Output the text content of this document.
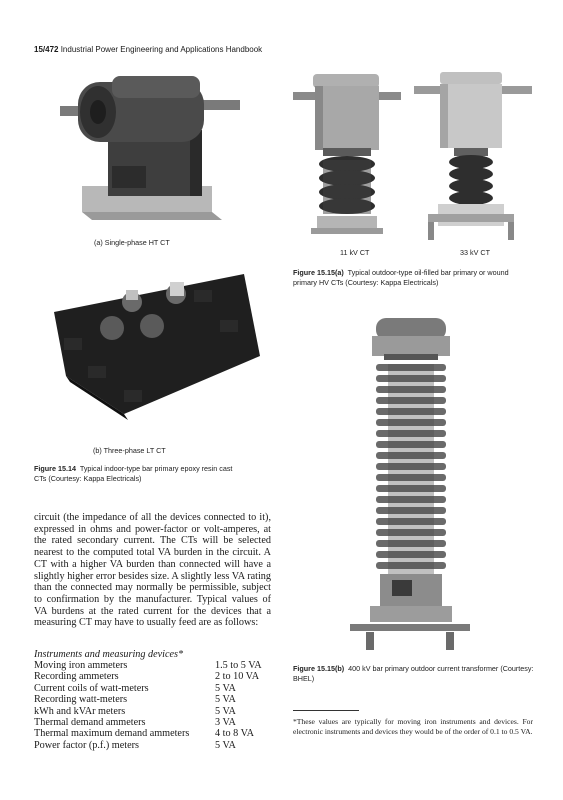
15/472 Industrial Power Engineering and Applications Handbook
(a) Single-phase HT CT
(b) Three-phase LT CT
Figure 15.14 Typical indoor-type bar primary epoxy resin cast CTs (Courtesy: Kappa Electricals)
11 kV CT	33 kV CT
Figure 15.15(a) Typical outdoor-type oil-filled bar primary or wound primary HV CTs (Courtesy: Kappa Electricals)
Figure 15.15(b) 400 kV bar primary outdoor current transformer (Courtesy: BHEL)

circuit (the impedance of all the devices connected to it), expressed in ohms and power-factor or volt-amperes, at the rated secondary current. The CTs will be selected nearest to the computed total VA burden in the circuit. A CT with a higher VA burden than connected will have a slightly higher error besides size. A slightly less VA rating than the connected may normally be permissible, subject to confirmation by the manufacturer. Typical values of VA burdens at the rated current for the devices that a measuring CT may have to usually feed are as follows:

Instruments and measuring devices*
Moving iron ammeters	1.5 to 5 VA
Recording ammeters	2 to 10 VA
Current coils of watt-meters	5 VA
Recording watt-meters	5 VA
kWh and kVAr meters	5 VA
Thermal demand ammeters	3 VA
Thermal maximum demand ammeters	4 to 8 VA
Power factor (p.f.) meters	5 VA
*These values are typically for moving iron instruments and devices. For electronic instruments and devices they would be of the order of 0.1 to 0.5 VA.
